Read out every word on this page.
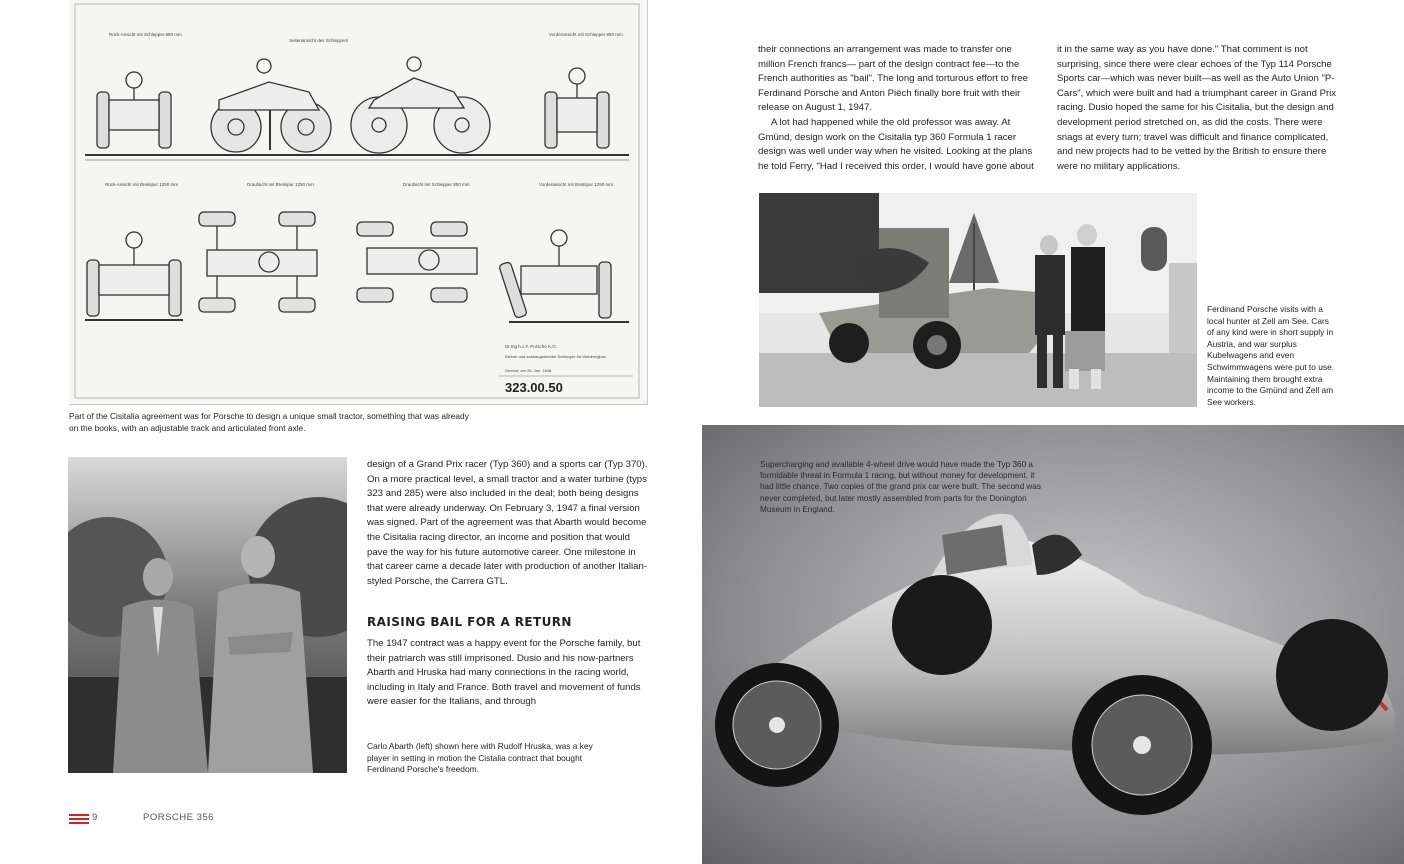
Rück-Ansicht mit Schlepper 850 mm
Seitenansicht des Schleppers
Vorderansicht mit Schlepper 850 mm
Rück-Ansicht mit Breitspur 1250 mm	Draufsicht mit Breitspur 1250 mm	Draufsicht mit Schlepper 850 mm	Vorderansicht mit Breitspur 1250 mm
Dr.Ing.h.c.F. Porsche K.G.
Kleiner und ausbaugerechter Schlepper für Weinbergbau
Gmünd, am 26. Jan. 1948
323.00.50
Part of the Cisitalia agreement was for Porsche to design a unique small tractor, something that was already on the books, with an adjustable track and articulated front axle.

design of a Grand Prix racer (Typ 360) and a sports car (Typ 370). On a more practical level, a small tractor and a water turbine (typs 323 and 285) were also included in the deal; both being designs that were already underway. On February 3, 1947 a final version was signed. Part of the agreement was that Abarth would become the Cisitalia racing director, an income and position that would pave the way for his future automotive career. One milestone in that career came a decade later with production of another Italian-styled Porsche, the Carrera GTL.

RAISING BAIL FOR A RETURN

The 1947 contract was a happy event for the Porsche family, but their patriarch was still imprisoned. Dusio and his now-partners Abarth and Hruska had many connections in the racing world, including in Italy and France. Both travel and movement of funds were easier for the Italians, and through

Carlo Abarth (left) shown here with Rudolf Hruska, was a key player in setting in motion the Cistalia contract that bought Ferdinand Porsche's freedom.
9	PORSCHE 356

their connections an arrangement was made to transfer one million French francs— part of the design contract fee—to the French authorities as "bail". The long and torturous effort to free Ferdinand Porsche and Anton Piëch finally bore fruit with their release on August 1, 1947.

A lot had happened while the old professor was away. At Gmünd, design work on the Cisitalia typ 360 Formula 1 racer design was well under way when he visited. Looking at the plans he told Ferry, "Had I received this order, I would have gone about

it in the same way as you have done." That comment is not surprising, since there were clear echoes of the Typ 114 Porsche Sports car—which was never built—as well as the Auto Union "P-Cars", which were built and had a triumphant career in Grand Prix racing. Dusio hoped the same for his Cisitalia, but the design and development period stretched on, as did the costs. There were snags at every turn; travel was difficult and finance complicated, and new projects had to be vetted by the British to ensure there were no military applications.

Ferdinand Porsche visits with a local hunter at Zell am See. Cars of any kind were in short supply in Austria, and war surplus Kubelwagens and even Schwimmwagens were put to use. Maintaining them brought extra income to the Gmünd and Zell am See workers.
Supercharging and available 4-wheel drive would have made the Typ 360 a formidable threat in Formula 1 racing, but without money for development, it had little chance. Two copies of the grand prix car were built. The second was never completed, but later mostly assembled from parts for the Donington Museum in England.
